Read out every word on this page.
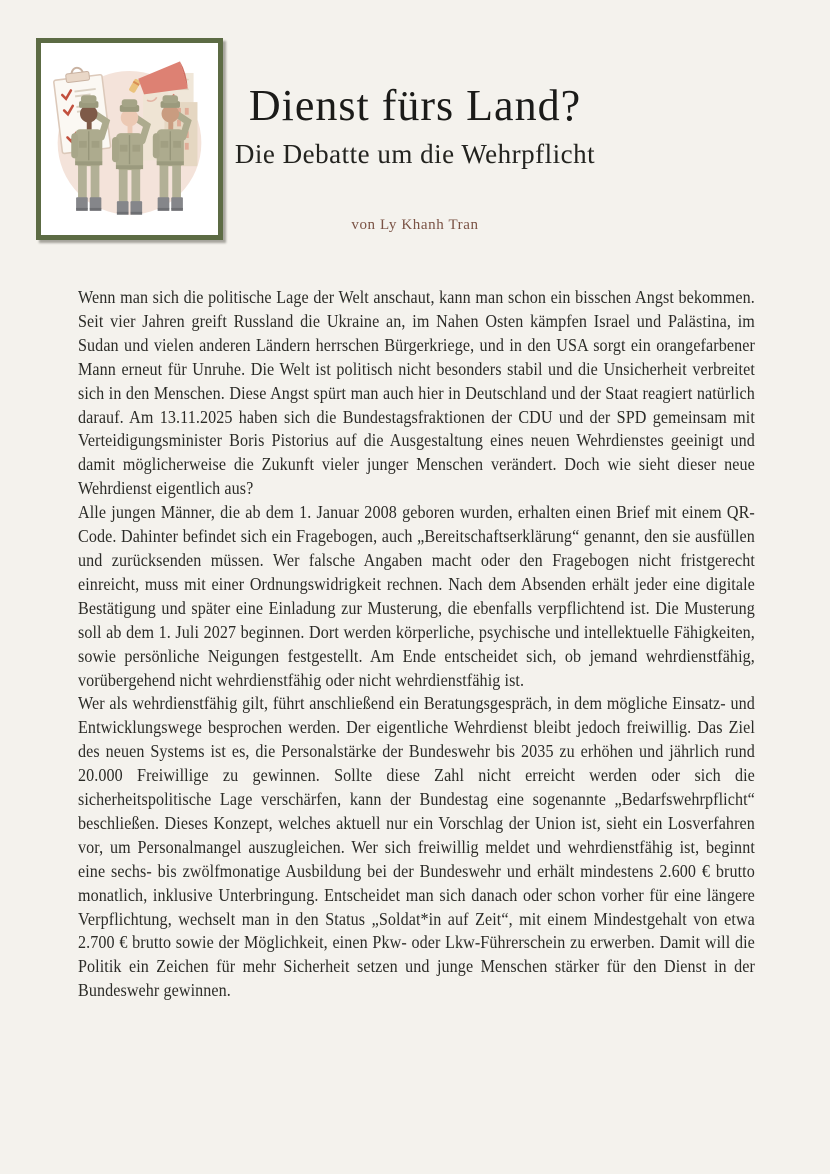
Dienst fürs Land?
Die Debatte um die Wehrpflicht
von Ly Khanh Tran

Wenn man sich die politische Lage der Welt anschaut, kann man schon ein bisschen Angst bekommen. Seit vier Jahren greift Russland die Ukraine an, im Nahen Osten kämpfen Israel und Palästina, im Sudan und vielen anderen Ländern herrschen Bürgerkriege, und in den USA sorgt ein orangefarbener Mann erneut für Unruhe. Die Welt ist politisch nicht besonders stabil und die Unsicherheit verbreitet sich in den Menschen. Diese Angst spürt man auch hier in Deutschland und der Staat reagiert natürlich darauf. Am 13.11.2025 haben sich die Bundestagsfraktionen der CDU und der SPD gemeinsam mit Verteidigungsminister Boris Pistorius auf die Ausgestaltung eines neuen Wehrdienstes geeinigt und damit möglicherweise die Zukunft vieler junger Menschen verändert. Doch wie sieht dieser neue Wehrdienst eigentlich aus?

Alle jungen Männer, die ab dem 1. Januar 2008 geboren wurden, erhalten einen Brief mit einem QR-Code. Dahinter befindet sich ein Fragebogen, auch „Bereitschaftserklärung“ genannt, den sie ausfüllen und zurücksenden müssen. Wer falsche Angaben macht oder den Fragebogen nicht fristgerecht einreicht, muss mit einer Ordnungswidrigkeit rechnen. Nach dem Absenden erhält jeder eine digitale Bestätigung und später eine Einladung zur Musterung, die ebenfalls verpflichtend ist. Die Musterung soll ab dem 1. Juli 2027 beginnen. Dort werden körperliche, psychische und intellektuelle Fähigkeiten, sowie persönliche Neigungen festgestellt. Am Ende entscheidet sich, ob jemand wehrdienstfähig, vorübergehend nicht wehrdienstfähig oder nicht wehrdienstfähig ist.

Wer als wehrdienstfähig gilt, führt anschließend ein Beratungsgespräch, in dem mögliche Einsatz- und Entwicklungswege besprochen werden. Der eigentliche Wehrdienst bleibt jedoch freiwillig. Das Ziel des neuen Systems ist es, die Personalstärke der Bundeswehr bis 2035 zu erhöhen und jährlich rund 20.000 Freiwillige zu gewinnen. Sollte diese Zahl nicht erreicht werden oder sich die sicherheitspolitische Lage verschärfen, kann der Bundestag eine sogenannte „Bedarfswehrpflicht“ beschließen. Dieses Konzept, welches aktuell nur ein Vorschlag der Union ist, sieht ein Losverfahren vor, um Personalmangel auszugleichen. Wer sich freiwillig meldet und wehrdienstfähig ist, beginnt eine sechs- bis zwölfmonatige Ausbildung bei der Bundeswehr und erhält mindestens 2.600 € brutto monatlich, inklusive Unterbringung. Entscheidet man sich danach oder schon vorher für eine längere Verpflichtung, wechselt man in den Status „Soldat*in auf Zeit“, mit einem Mindestgehalt von etwa 2.700 € brutto sowie der Möglichkeit, einen Pkw- oder Lkw-Führerschein zu erwerben. Damit will die Politik ein Zeichen für mehr Sicherheit setzen und junge Menschen stärker für den Dienst in der Bundeswehr gewinnen.
